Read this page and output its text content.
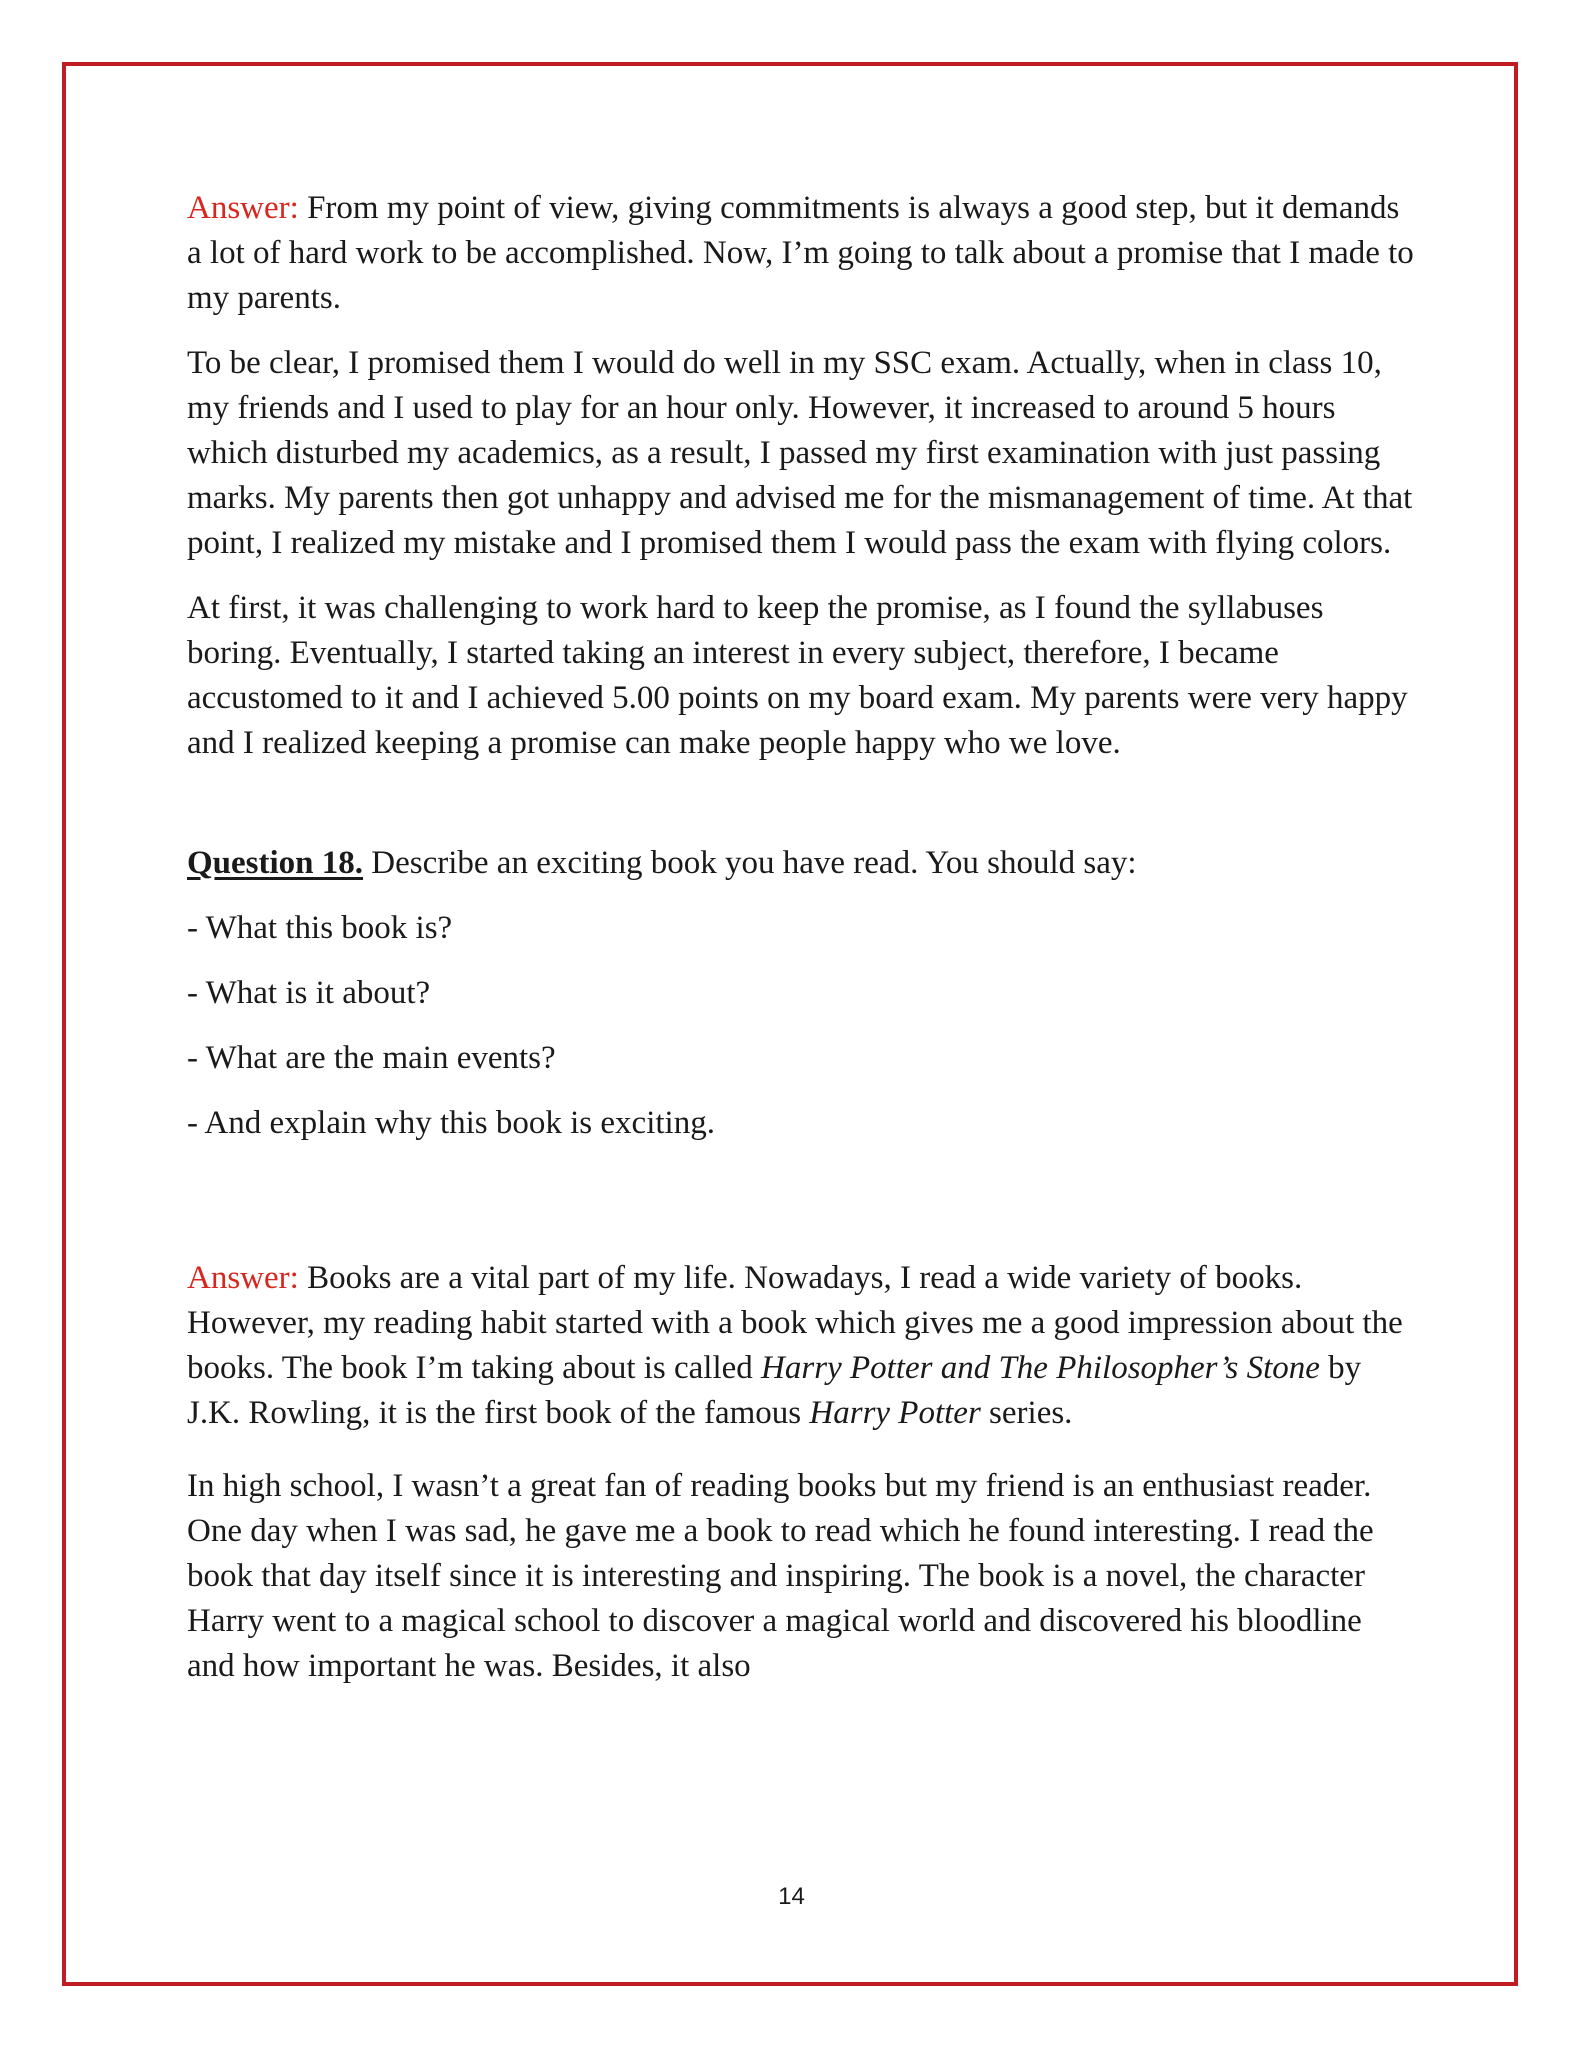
Answer: From my point of view, giving commitments is always a good step, but it demands a lot of hard work to be accomplished. Now, I’m going to talk about a promise that I made to my parents.

To be clear, I promised them I would do well in my SSC exam. Actually, when in class 10, my friends and I used to play for an hour only. However, it increased to around 5 hours which disturbed my academics, as a result, I passed my first examination with just passing marks. My parents then got unhappy and advised me for the mismanagement of time. At that point, I realized my mistake and I promised them I would pass the exam with flying colors.

At first, it was challenging to work hard to keep the promise, as I found the syllabuses boring. Eventually, I started taking an interest in every subject, therefore, I became accustomed to it and I achieved 5.00 points on my board exam. My parents were very happy and I realized keeping a promise can make people happy who we love.

Question 18. Describe an exciting book you have read. You should say:

- What this book is?

- What is it about?

- What are the main events?

- And explain why this book is exciting.

Answer: Books are a vital part of my life. Nowadays, I read a wide variety of books. However, my reading habit started with a book which gives me a good impression about the books. The book I’m taking about is called Harry Potter and The Philosopher’s Stone by J.K. Rowling, it is the first book of the famous Harry Potter series.

In high school, I wasn’t a great fan of reading books but my friend is an enthusiast reader. One day when I was sad, he gave me a book to read which he found interesting. I read the book that day itself since it is interesting and inspiring. The book is a novel, the character Harry went to a magical school to discover a magical world and discovered his bloodline and how important he was. Besides, it also

14
